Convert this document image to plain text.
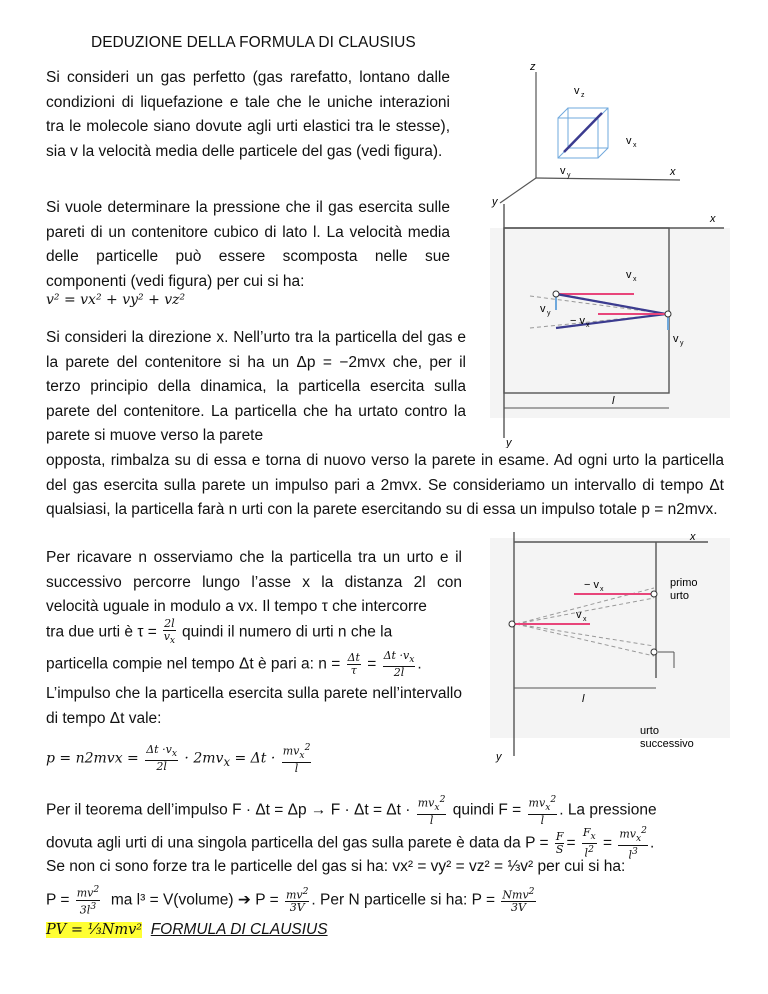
DEDUZIONE DELLA FORMULA DI CLAUSIUS
Si consideri un gas perfetto (gas rarefatto, lontano dalle condizioni di liquefazione e tale che le uniche interazioni tra le molecole siano dovute agli urti elastici tra le stesse), sia v la velocità media delle particele del gas (vedi figura).
Si vuole determinare la pressione che il gas esercita sulle pareti di un contenitore cubico di lato l. La velocità media delle particelle può essere scomposta nelle sue componenti (vedi figura) per cui si ha:
v² = vx² + vy² + vz²
Si consideri la direzione x. Nell’urto tra la particella del gas e la parete del contenitore si ha un Δp = −2mvx che, per il terzo principio della dinamica, la particella esercita sulla parete del contenitore. La particella che ha urtato contro la parete si muove verso la parete
opposta, rimbalza su di essa e torna di nuovo verso la parete in esame. Ad ogni urto la particella del gas esercita sulla parete un impulso pari a 2mvx. Se consideriamo un intervallo di tempo Δt qualsiasi, la particella farà n urti con la parete esercitando su di essa un impulso totale p = n2mvx.
Per ricavare n osserviamo che la particella tra un urto e il successivo percorre lungo l’asse x la distanza 2l con velocità uguale in modulo a vx. Il tempo τ che intercorre
tra due urti è $\tau = \frac{2l}{v_x}$ quindi il numero di urti n che la
particella compie nel tempo Δt è pari a: $n = \frac{\Delta t}{\tau} = \frac{\Delta t \cdot v_x}{2l}$ .
L’impulso che la particella esercita sulla parete nell’intervallo di tempo Δt vale:
$p = n2mvx = \frac{\Delta t \cdot v_x}{2l} \cdot 2mv_x = \Delta t \cdot \frac{mv_x^2}{l}$
Per il teorema dell’impulso $F \cdot \Delta t = \Delta p \to F \cdot \Delta t = \Delta t \cdot \frac{mv_x^2}{l}$ quindi $F = \frac{mv_x^2}{l}$ . La pressione
dovuta agli urti di una singola particella del gas sulla parete è data da $P = \frac{F}{S} = \frac{F_x}{l^2} = \frac{mv_x^2}{l^3}$ .
Se non ci sono forze tra le particelle del gas si ha: vx² = vy² = vz² = ⅓v² per cui si ha:
$P = \frac{mv^2}{3l^3}$ ma l³ = V(volume) ➔ $P = \frac{mv^2}{3V}$ . Per N particelle si ha: $P = \frac{Nmv^2}{3V}$
PV = ⅓Nmv² FORMULA DI CLAUSIUS
z
x
y
v z
v x
v y
x
y
l
v x
− v x
v y
v y
x
y
l
− v x
v x
primo
urto
urto
successivo
